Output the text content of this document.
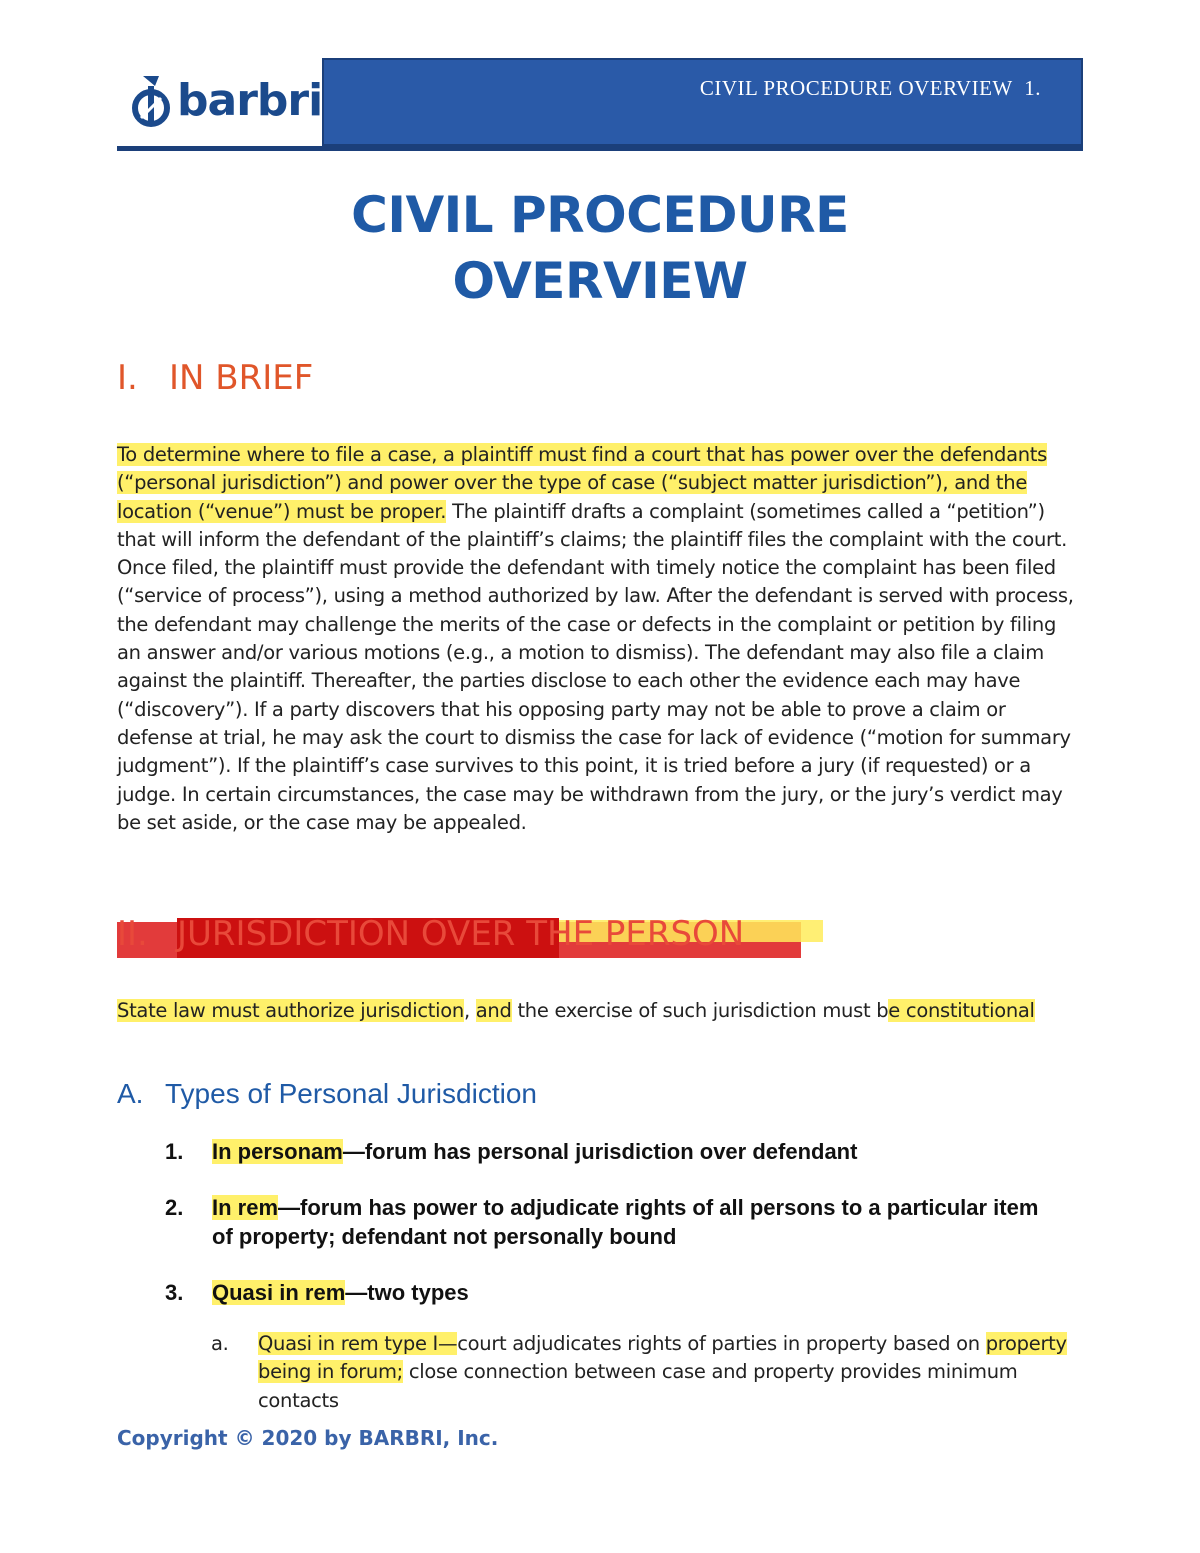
barbri	CIVIL PROCEDURE OVERVIEW 1.
CIVIL PROCEDURE
OVERVIEW
I. IN BRIEF
To determine where to file a case, a plaintiff must find a court that has power over the defendants (“personal jurisdiction”) and power over the type of case (“subject matter jurisdiction”), and the location (“venue”) must be proper. The plaintiff drafts a complaint (sometimes called a “petition”) that will inform the defendant of the plaintiff’s claims; the plaintiff files the complaint with the court. Once filed, the plaintiff must provide the defendant with timely notice the complaint has been filed (“service of process”), using a method authorized by law. After the defendant is served with process, the defendant may challenge the merits of the case or defects in the complaint or petition by filing an answer and/or various motions (e.g., a motion to dismiss). The defendant may also file a claim against the plaintiff. Thereafter, the parties disclose to each other the evidence each may have (“discovery”). If a party discovers that his opposing party may not be able to prove a claim or defense at trial, he may ask the court to dismiss the case for lack of evidence (“motion for summary judgment”). If the plaintiff’s case survives to this point, it is tried before a jury (if requested) or a judge. In certain circumstances, the case may be withdrawn from the jury, or the jury’s verdict may be set aside, or the case may be appealed.
II. JURISDICTION OVER THE PERSON
State law must authorize jurisdiction, and the exercise of such jurisdiction must be constitutional
A. Types of Personal Jurisdiction
1. In personam—forum has personal jurisdiction over defendant
2. In rem—forum has power to adjudicate rights of all persons to a particular item of property; defendant not personally bound
3. Quasi in rem—two types
a. Quasi in rem type I—court adjudicates rights of parties in property based on property being in forum; close connection between case and property provides minimum contacts
Copyright © 2020 by BARBRI, Inc.
